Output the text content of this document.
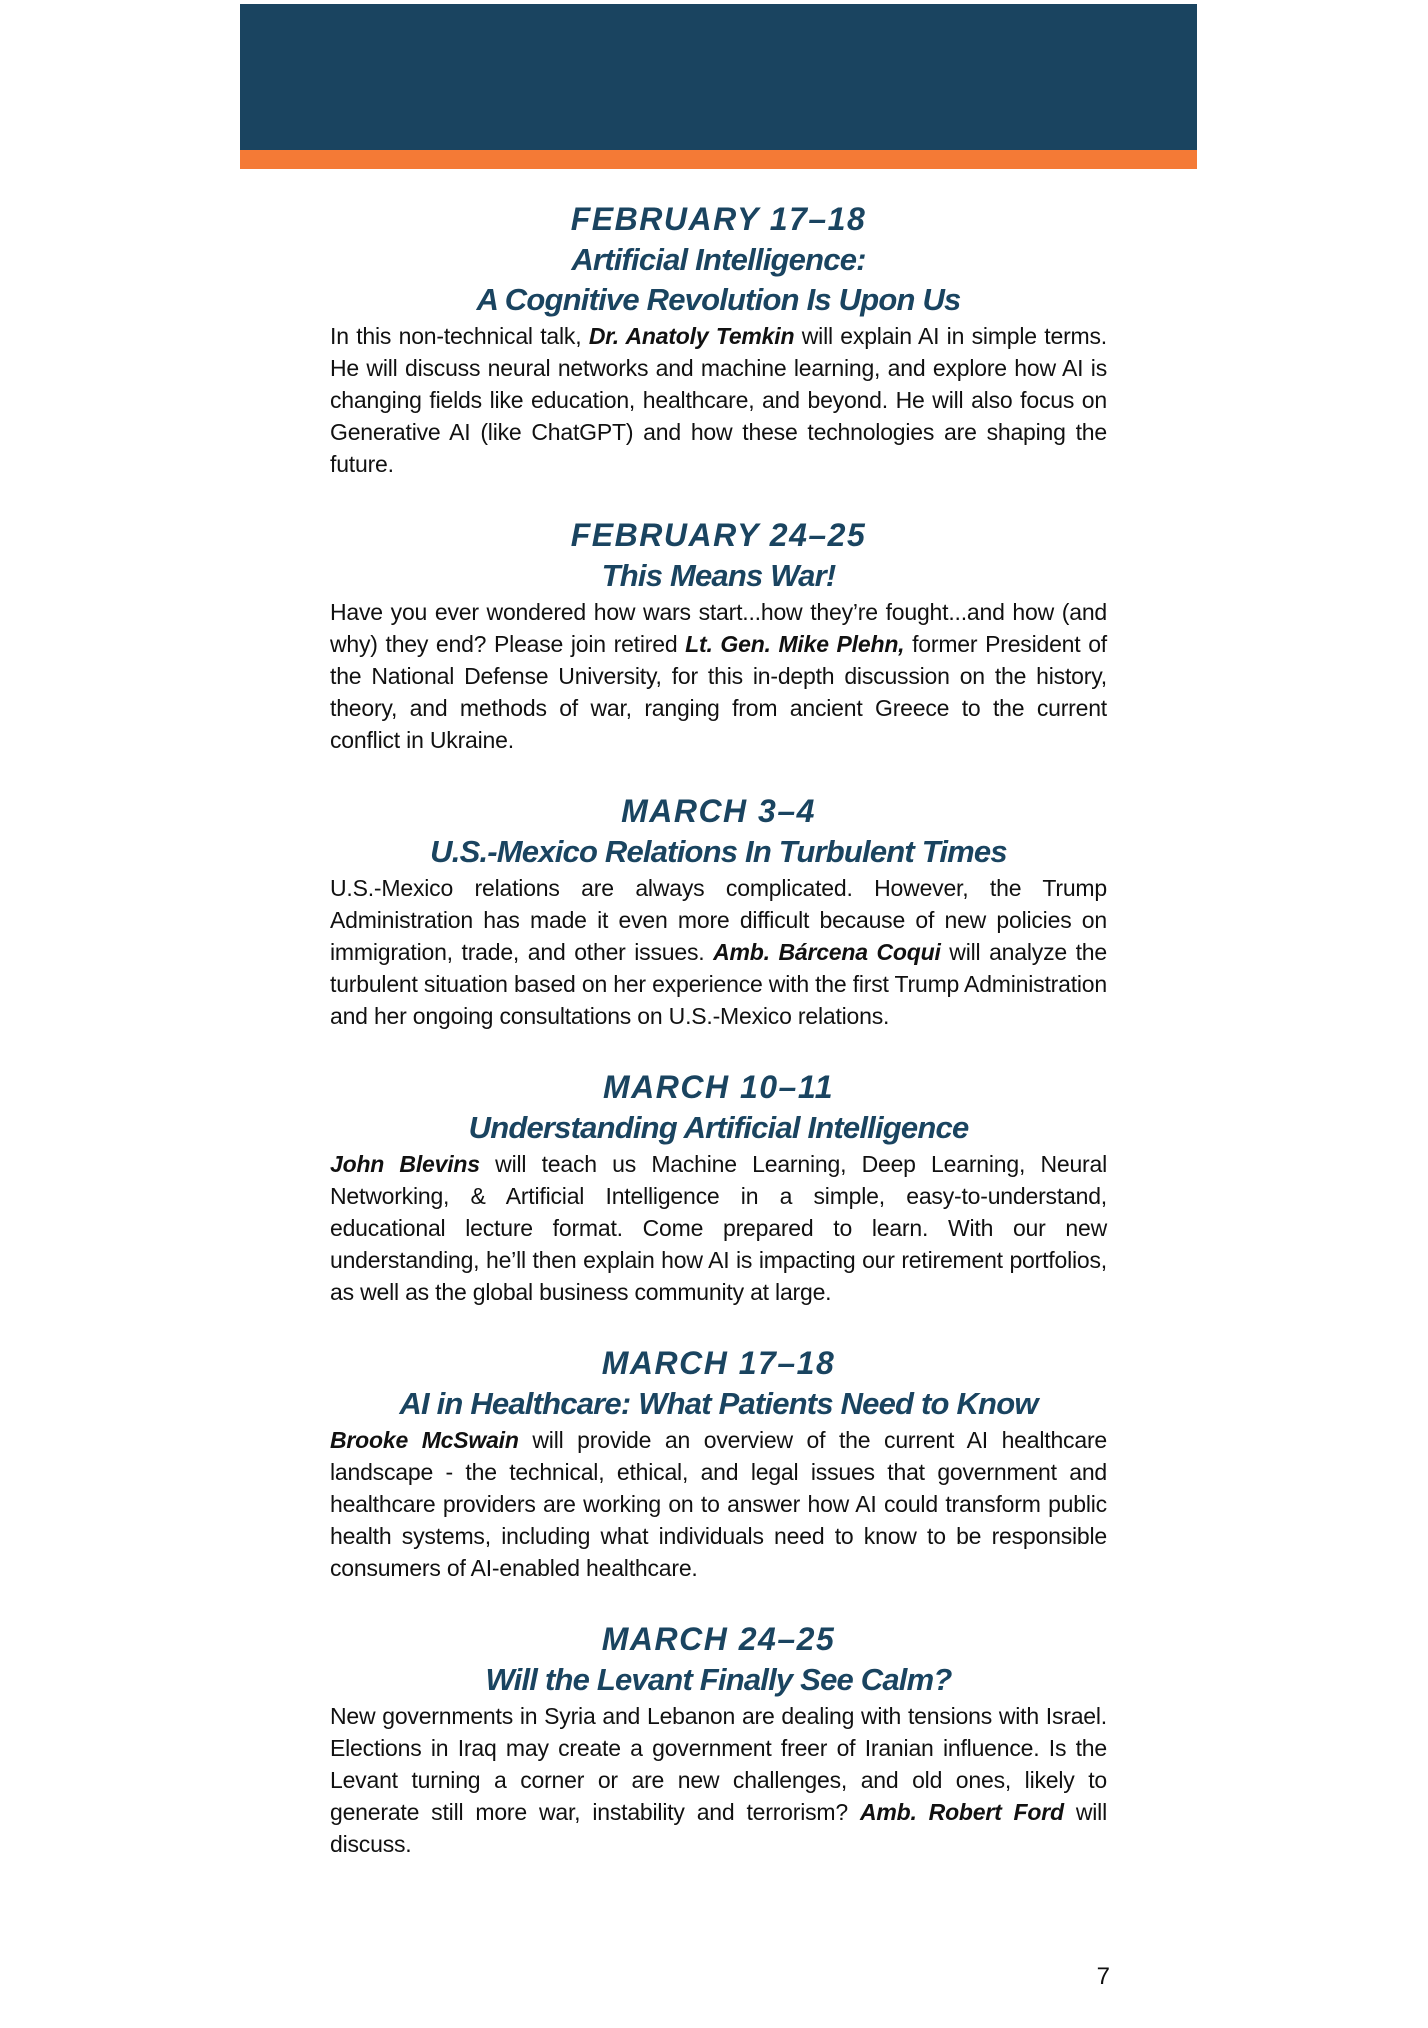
FEBRUARY 17–18
Artificial Intelligence:
A Cognitive Revolution Is Upon Us

In this non-technical talk, Dr. Anatoly Temkin will explain AI in simple terms. He will discuss neural networks and machine learning, and explore how AI is changing fields like education, healthcare, and beyond. He will also focus on Generative AI (like ChatGPT) and how these technologies are shaping the future.

FEBRUARY 24–25
This Means War!

Have you ever wondered how wars start...how they’re fought...and how (and why) they end? Please join retired Lt. Gen. Mike Plehn, former President of the National Defense University, for this in-depth discussion on the history, theory, and methods of war, ranging from ancient Greece to the current conflict in Ukraine.

MARCH 3–4
U.S.-Mexico Relations In Turbulent Times

U.S.-Mexico relations are always complicated. However, the Trump Administration has made it even more difficult because of new policies on immigration, trade, and other issues. Amb. Bárcena Coqui will analyze the turbulent situation based on her experience with the first Trump Administration and her ongoing consultations on U.S.-Mexico relations.

MARCH 10–11
Understanding Artificial Intelligence

John Blevins will teach us Machine Learning, Deep Learning, Neural Networking, & Artificial Intelligence in a simple, easy-to-understand, educational lecture format. Come prepared to learn. With our new understanding, he’ll then explain how AI is impacting our retirement portfolios, as well as the global business community at large.

MARCH 17–18
AI in Healthcare: What Patients Need to Know

Brooke McSwain will provide an overview of the current AI healthcare landscape - the technical, ethical, and legal issues that government and healthcare providers are working on to answer how AI could transform public health systems, including what individuals need to know to be responsible consumers of AI-enabled healthcare.

MARCH 24–25
Will the Levant Finally See Calm?

New governments in Syria and Lebanon are dealing with tensions with Israel. Elections in Iraq may create a government freer of Iranian influence. Is the Levant turning a corner or are new challenges, and old ones, likely to generate still more war, instability and terrorism? Amb. Robert Ford will discuss.

7
